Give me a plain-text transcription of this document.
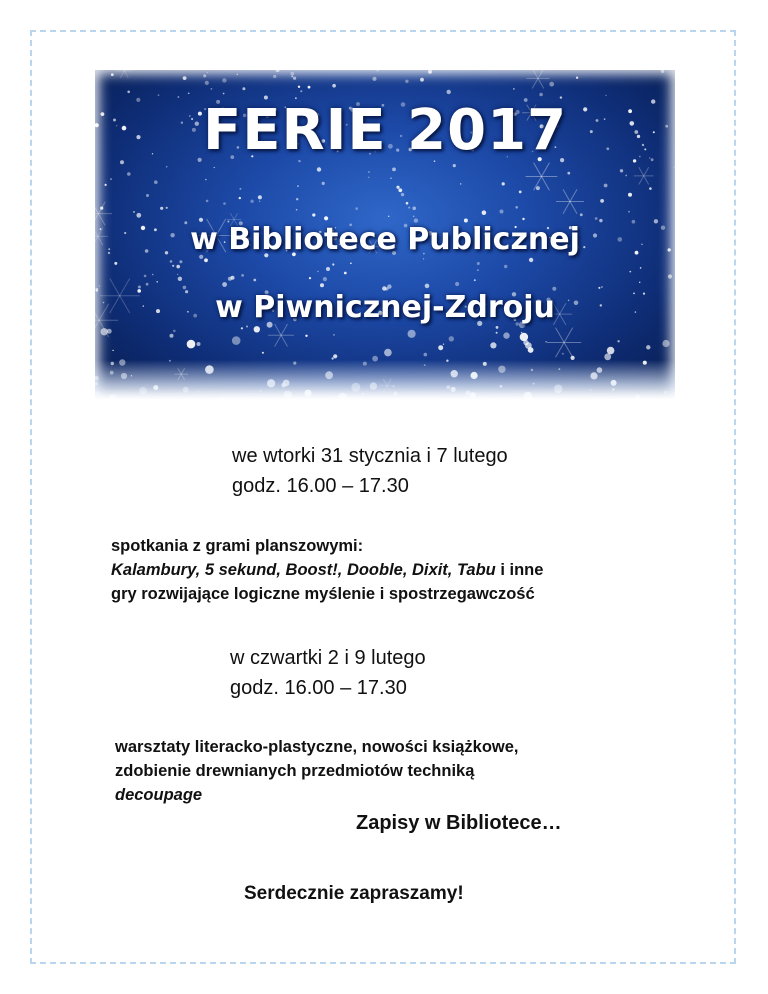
FERIE 2017
w Bibliotece Publicznej
w Piwnicznej-Zdroju
we wtorki 31 stycznia i 7 lutego
godz. 16.00 – 17.30
spotkania z grami planszowymi:
Kalambury, 5 sekund, Boost!, Dooble, Dixit, Tabu i inne
gry rozwijające logiczne myślenie i spostrzegawczość
w czwartki 2 i 9 lutego
godz. 16.00 – 17.30
warsztaty literacko-plastyczne, nowości książkowe,
zdobienie drewnianych przedmiotów techniką
decoupage
Zapisy w Bibliotece…
Serdecznie zapraszamy!
